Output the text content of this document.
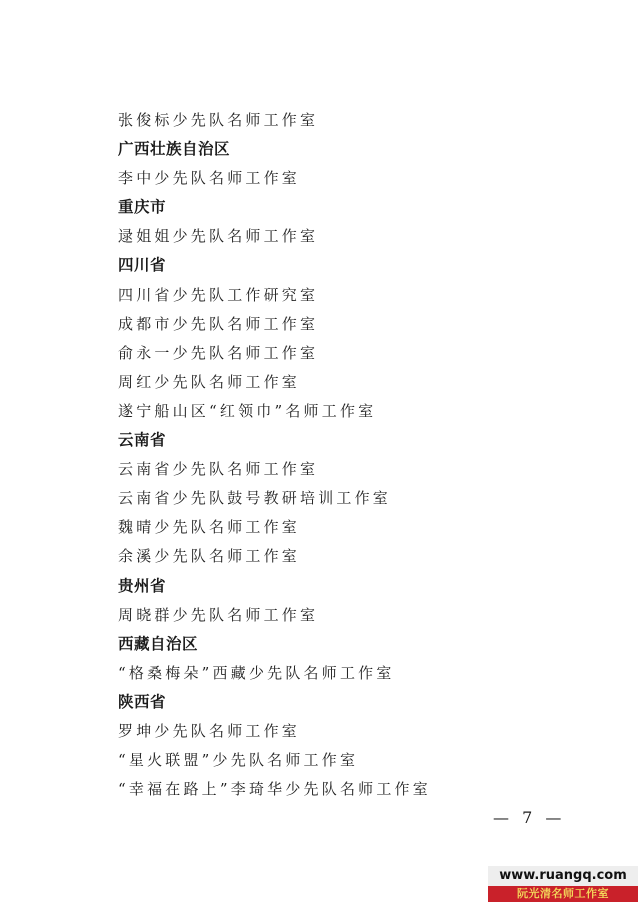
张俊标少先队名师工作室
广西壮族自治区
李中少先队名师工作室
重庆市
逯姐姐少先队名师工作室
四川省
四川省少先队工作研究室
成都市少先队名师工作室
俞永一少先队名师工作室
周红少先队名师工作室
遂宁船山区“红领巾”名师工作室
云南省
云南省少先队名师工作室
云南省少先队鼓号教研培训工作室
魏晴少先队名师工作室
余溪少先队名师工作室
贵州省
周晓群少先队名师工作室
西藏自治区
“格桑梅朵”西藏少先队名师工作室
陕西省
罗坤少先队名师工作室
“星火联盟”少先队名师工作室
“幸福在路上”李琦华少先队名师工作室
— 7 —
www.ruangq.com
阮光清名师工作室
